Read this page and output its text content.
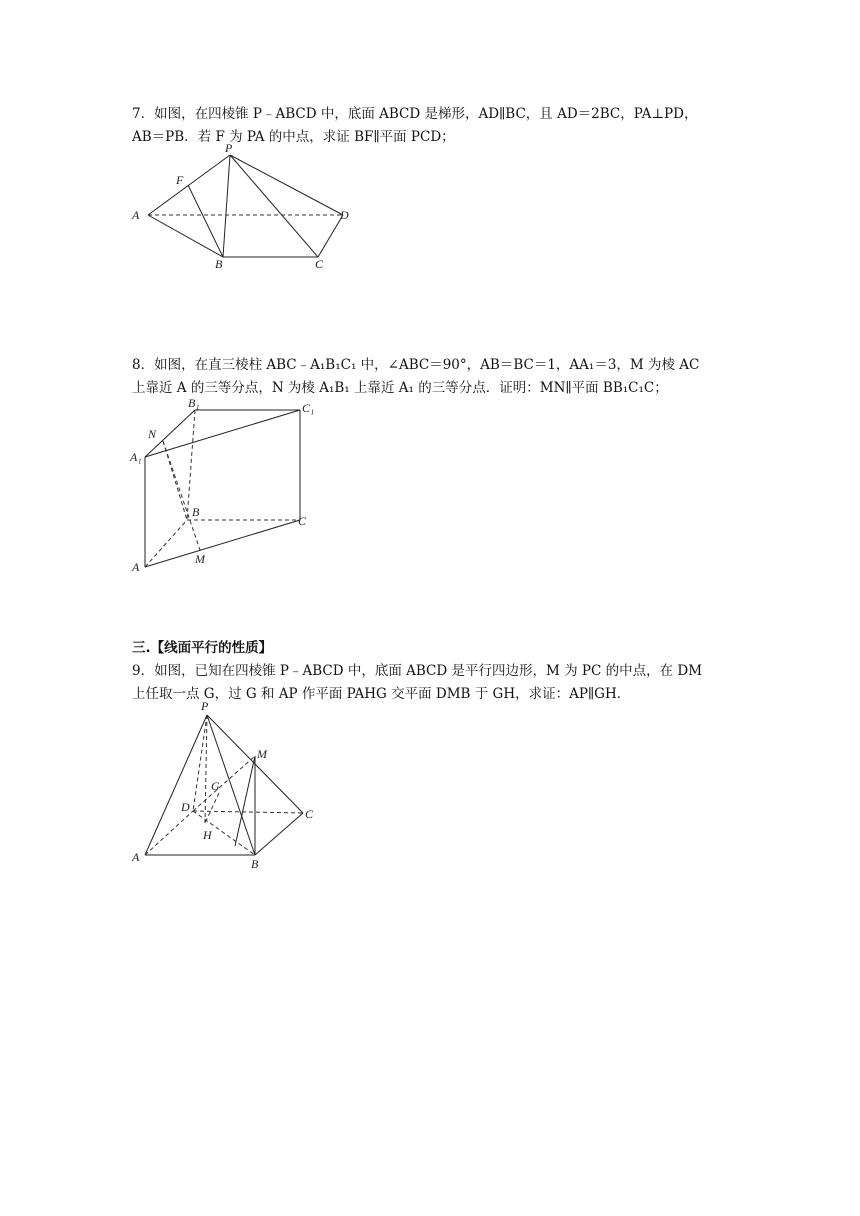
7．如图，在四棱锥 P﹣ABCD 中，底面 ABCD 是梯形，AD∥BC，且 AD＝2BC，PA⊥PD，
AB＝PB．若 F 为 PA 的中点，求证 BF∥平面 PCD；
P
F
A	D
B	C
8．如图，在直三棱柱 ABC﹣A₁B₁C₁ 中，∠ABC＝90°，AB＝BC＝1，AA₁＝3，M 为棱 AC
上靠近 A 的三等分点，N 为棱 A₁B₁ 上靠近 A₁ 的三等分点．证明：MN∥平面 BB₁C₁C；
B₁	C₁
N
A₁
B
C
A
M
三.【线面平行的性质】
9．如图，已知在四棱锥 P﹣ABCD 中，底面 ABCD 是平行四边形，M 为 PC 的中点，在 DM
上任取一点 G，过 G 和 AP 作平面 PAHG 交平面 DMB 于 GH，求证：AP∥GH．
P
M
G
D	C
H
A	B
